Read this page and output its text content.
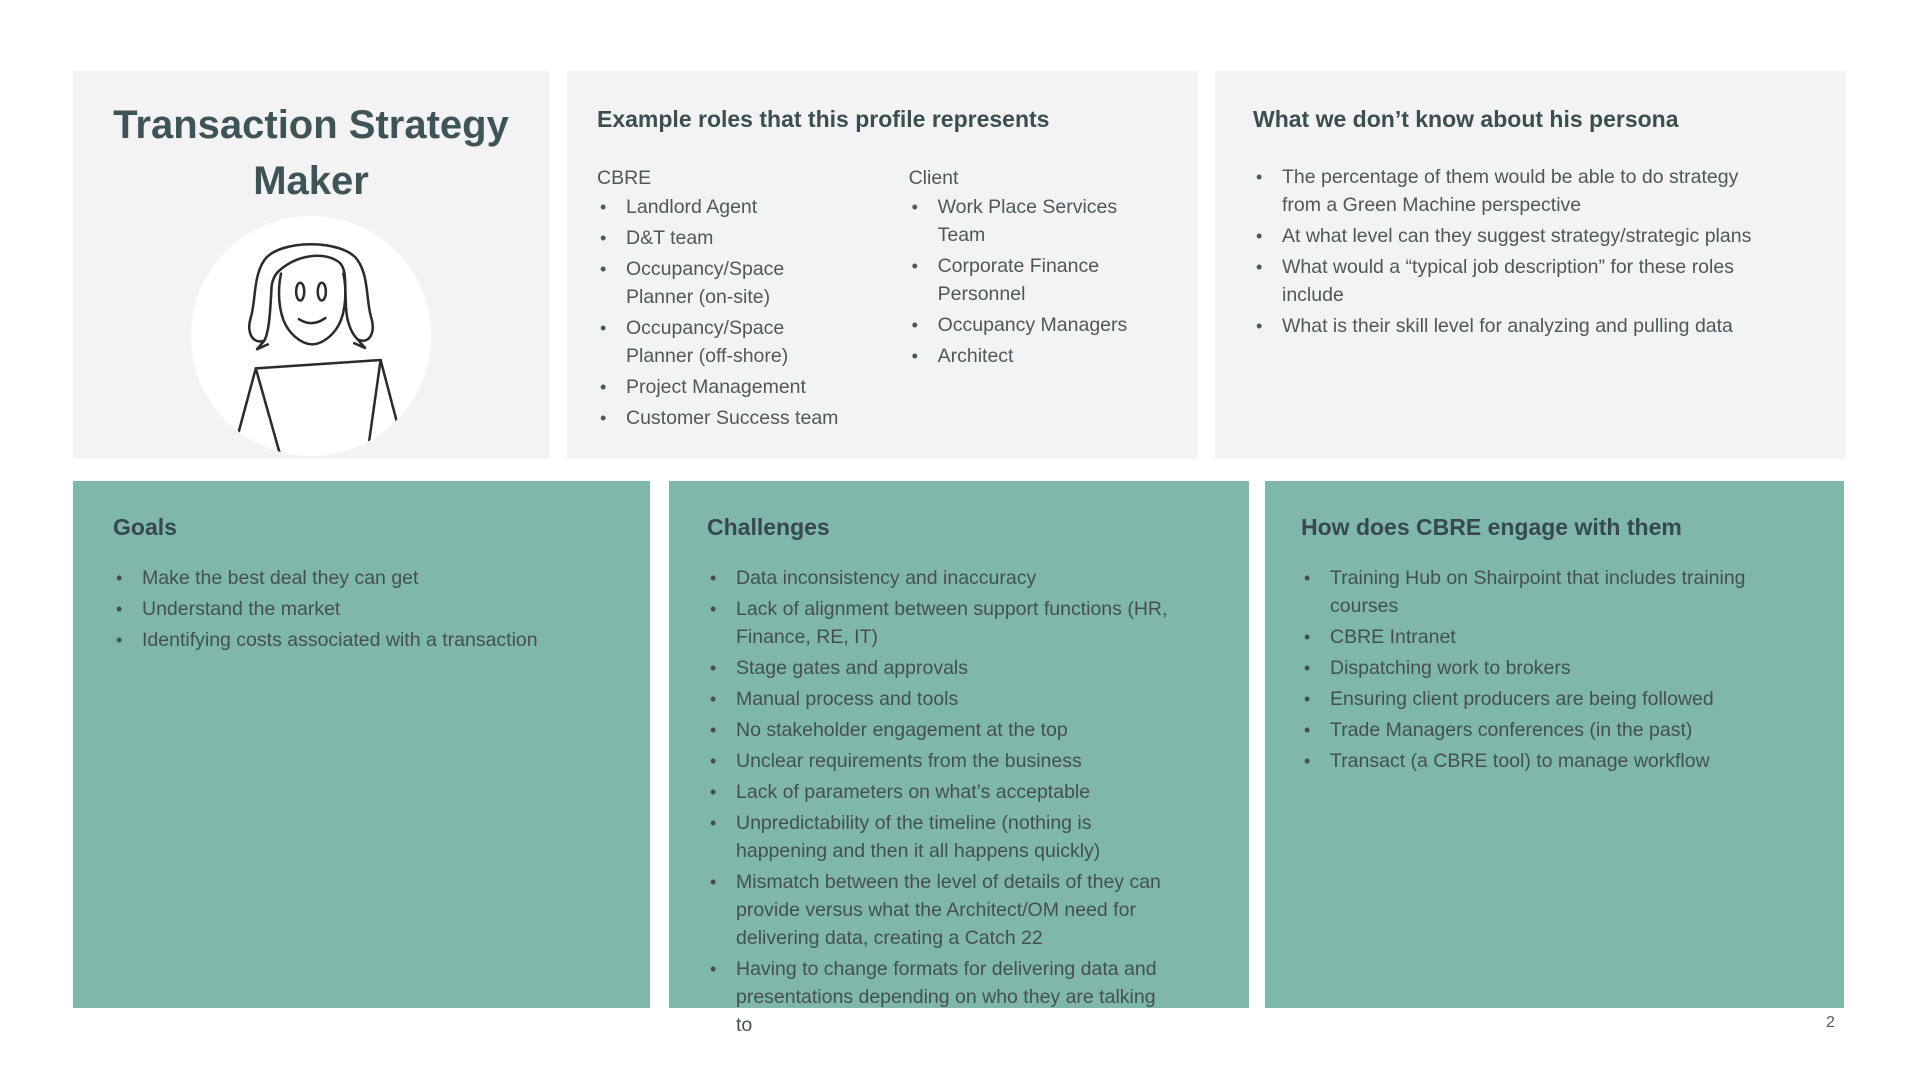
Transaction Strategy Maker
Example roles that this profile represents
CBRE
•
Landlord Agent
•
D&T team
•
Occupancy/Space Planner (on-site)
•
Occupancy/Space Planner (off-shore)
•
Project Management
•
Customer Success team
Client
•
Work Place Services Team
•
Corporate Finance Personnel
•
Occupancy Managers
•
Architect
What we don’t know about his persona
•
The percentage of them would be able to do strategy from a Green Machine perspective
•
At what level can they suggest strategy/strategic plans
•
What would a “typical job description” for these roles include
•
What is their skill level for analyzing and pulling data
Goals
•
Make the best deal they can get
•
Understand the market
•
Identifying costs associated with a transaction
Challenges
•
Data inconsistency and inaccuracy
•
Lack of alignment between support functions (HR, Finance, RE, IT)
•
Stage gates and approvals
•
Manual process and tools
•
No stakeholder engagement at the top
•
Unclear requirements from the business
•
Lack of parameters on what’s acceptable
•
Unpredictability of the timeline (nothing is happening and then it all happens quickly)
•
Mismatch between the level of details of they can provide versus what the Architect/OM need for delivering data, creating a Catch 22
•
Having to change formats for delivering data and presentations depending on who they are talking to
How does CBRE engage with them
•
Training Hub on Shairpoint that includes training courses
•
CBRE Intranet
•
Dispatching work to brokers
•
Ensuring client producers are being followed
•
Trade Managers conferences (in the past)
•
Transact (a CBRE tool) to manage workflow
2
